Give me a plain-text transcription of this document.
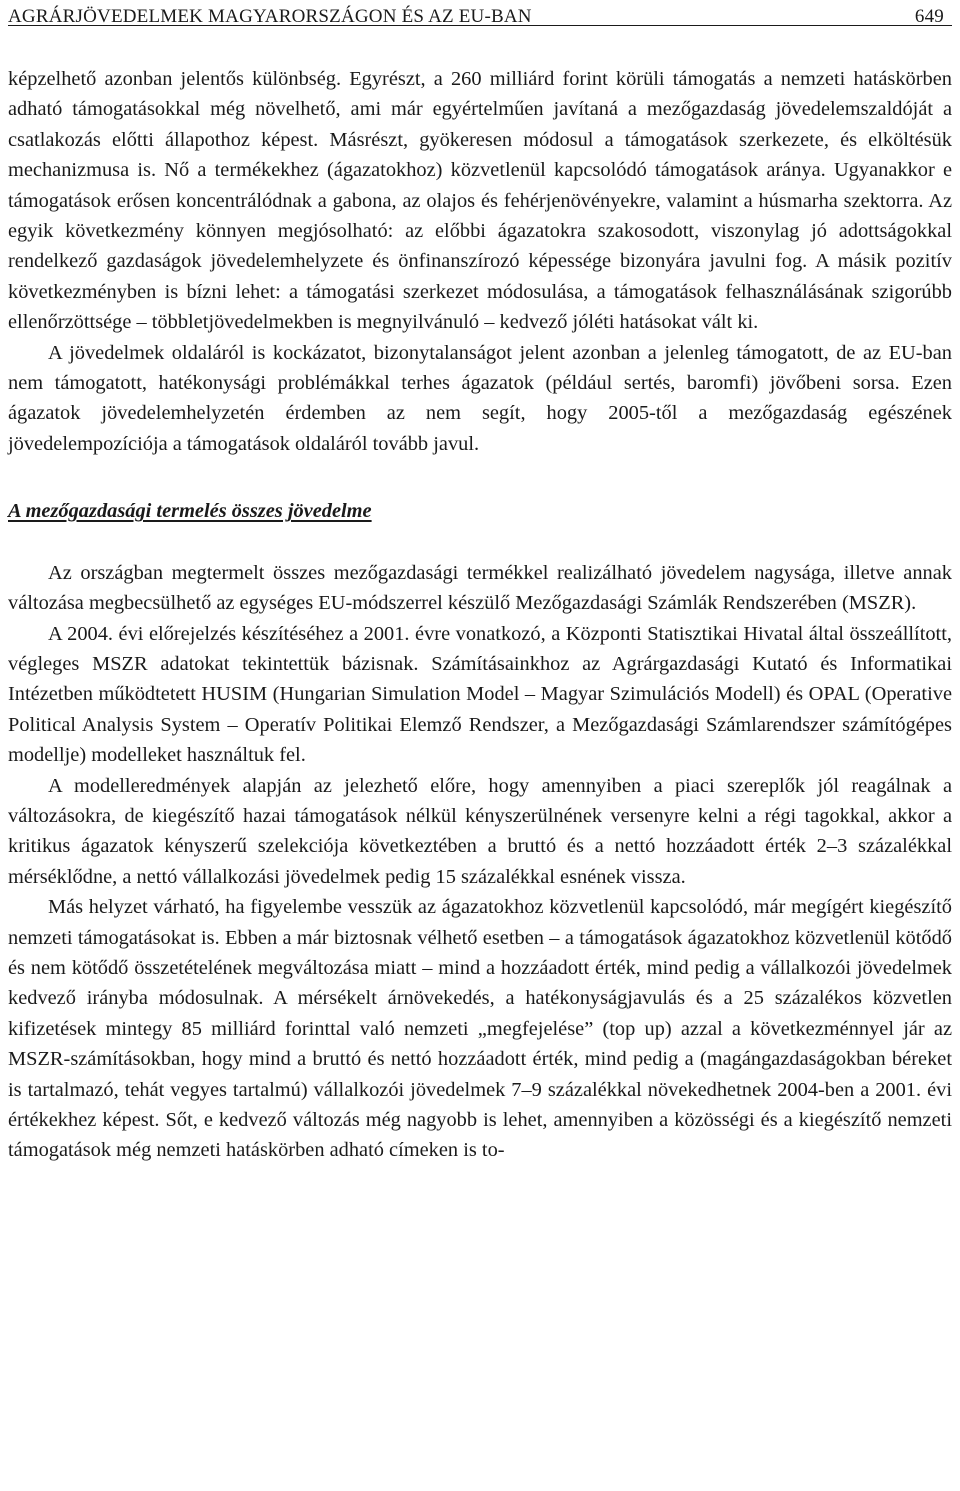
AGRÁRJÖVEDELMEK MAGYARORSZÁGON ÉS AZ EU-BAN	649

képzelhető azonban jelentős különbség. Egyrészt, a 260 milliárd forint körüli támogatás a nemzeti hatáskörben adható támogatásokkal még növelhető, ami már egyértelműen javítaná a mezőgazdaság jövedelemszaldóját a csatlakozás előtti állapothoz képest. Másrészt, gyökeresen módosul a támogatások szerkezete, és elköltésük mechanizmusa is. Nő a termékekhez (ágazatokhoz) közvetlenül kapcsolódó támogatások aránya. Ugyanakkor e támogatások erősen koncentrálódnak a gabona, az olajos és fehérjenövényekre, valamint a húsmarha szektorra. Az egyik következmény könnyen megjósolható: az előbbi ágazatokra szakosodott, viszonylag jó adottságokkal rendelkező gazdaságok jövedelemhelyzete és önfinanszírozó képessége bizonyára javulni fog. A másik pozitív következményben is bízni lehet: a támogatási szerkezet módosulása, a támogatások felhasználásának szigorúbb ellenőrzöttsége – többletjövedelmekben is megnyilvánuló – kedvező jóléti hatásokat vált ki.

A jövedelmek oldaláról is kockázatot, bizonytalanságot jelent azonban a jelenleg támogatott, de az EU-ban nem támogatott, hatékonysági problémákkal terhes ágazatok (például sertés, baromfi) jövőbeni sorsa. Ezen ágazatok jövedelemhelyzetén érdemben az nem segít, hogy 2005-től a mezőgazdaság egészének jövedelempozíciója a támogatások oldaláról tovább javul.

A mezőgazdasági termelés összes jövedelme

Az országban megtermelt összes mezőgazdasági termékkel realizálható jövedelem nagysága, illetve annak változása megbecsülhető az egységes EU-módszerrel készülő Mezőgazdasági Számlák Rendszerében (MSZR).

A 2004. évi előrejelzés készítéséhez a 2001. évre vonatkozó, a Központi Statisztikai Hivatal által összeállított, végleges MSZR adatokat tekintettük bázisnak. Számításainkhoz az Agrárgazdasági Kutató és Informatikai Intézetben működtetett HUSIM (Hungarian Simulation Model – Magyar Szimulációs Modell) és OPAL (Operative Political Analysis System – Operatív Politikai Elemző Rendszer, a Mezőgazdasági Számlarendszer számítógépes modellje) modelleket használtuk fel.

A modelleredmények alapján az jelezhető előre, hogy amennyiben a piaci szereplők jól reagálnak a változásokra, de kiegészítő hazai támogatások nélkül kényszerülnének versenyre kelni a régi tagokkal, akkor a kritikus ágazatok kényszerű szelekciója következtében a bruttó és a nettó hozzáadott érték 2–3 százalékkal mérséklődne, a nettó vállalkozási jövedelmek pedig 15 százalékkal esnének vissza.

Más helyzet várható, ha figyelembe vesszük az ágazatokhoz közvetlenül kapcsolódó, már megígért kiegészítő nemzeti támogatásokat is. Ebben a már biztosnak vélhető esetben – a támogatások ágazatokhoz közvetlenül kötődő és nem kötődő összetételének megváltozása miatt – mind a hozzáadott érték, mind pedig a vállalkozói jövedelmek kedvező irányba módosulnak. A mérsékelt árnövekedés, a hatékonyságjavulás és a 25 százalékos közvetlen kifizetések mintegy 85 milliárd forinttal való nemzeti „megfejelése” (top up) azzal a következménnyel jár az MSZR-számításokban, hogy mind a bruttó és nettó hozzáadott érték, mind pedig a (magángazdaságokban béreket is tartalmazó, tehát vegyes tartalmú) vállalkozói jövedelmek 7–9 százalékkal növekedhetnek 2004-ben a 2001. évi értékekhez képest. Sőt, e kedvező változás még nagyobb is lehet, amennyiben a közösségi és a kiegészítő nemzeti támogatások még nemzeti hatáskörben adható címeken is to-
